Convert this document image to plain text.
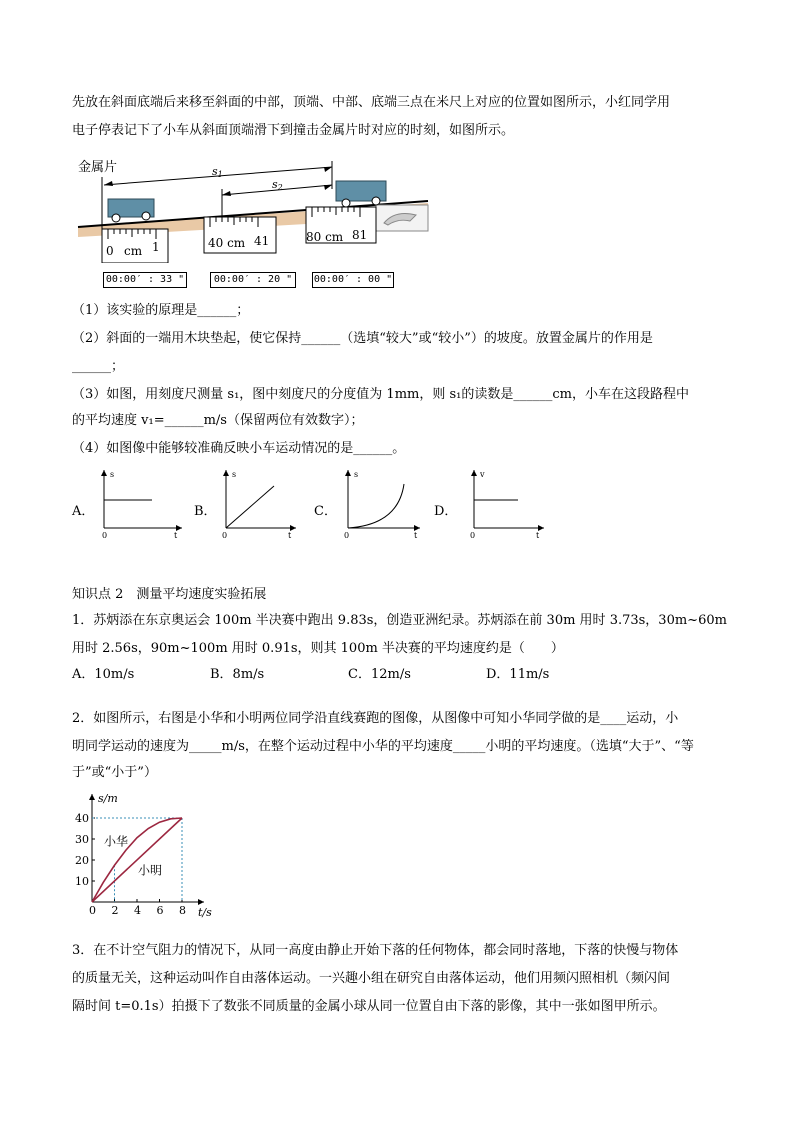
先放在斜面底端后来移至斜面的中部，顶端、中部、底端三点在米尺上对应的位置如图所示，小红同学用
电子停表记下了小车从斜面顶端滑下到撞击金属片时对应的时刻，如图所示。
金属片	s1
s2
0 cm 1	40 cm 41	80 cm 81
00:00′ : 33 "	00:00′ : 20 "	00:00′ : 00 "
（1）该实验的原理是______；
（2）斜面的一端用木块垫起，使它保持______（选填“较大”或“较小”）的坡度。放置金属片的作用是
______；
（3）如图，用刻度尺测量 s₁，图中刻度尺的分度值为 1mm，则 s₁的读数是______cm，小车在这段路程中
的平均速度 v₁=______m/s（保留两位有效数字）；
（4）如图像中能够较准确反映小车运动情况的是______。
A．
s
0	t
B．
s
0	t
C．
s
0	t
D．
v
0	t
知识点 2　测量平均速度实验拓展
1．苏炳添在东京奥运会 100m 半决赛中跑出 9.83s，创造亚洲纪录。苏炳添在前 30m 用时 3.73s，30m~60m
用时 2.56s，90m~100m 用时 0.91s，则其 100m 半决赛的平均速度约是（　　）
A．10m/s	B．8m/s	C．12m/s	D．11m/s
2．如图所示，右图是小华和小明两位同学沿直线赛跑的图像，从图像中可知小华同学做的是____运动，小
明同学运动的速度为_____m/s，在整个运动过程中小华的平均速度_____小明的平均速度。（选填“大于”、“等
于”或“小于”）
0 2 4 6 8
10
20
30
40
t/s
s/m
小华
小明
3．在不计空气阻力的情况下，从同一高度由静止开始下落的任何物体，都会同时落地，下落的快慢与物体
的质量无关，这种运动叫作自由落体运动。一兴趣小组在研究自由落体运动，他们用频闪照相机（频闪间
隔时间 t=0.1s）拍摄下了数张不同质量的金属小球从同一位置自由下落的影像，其中一张如图甲所示。
